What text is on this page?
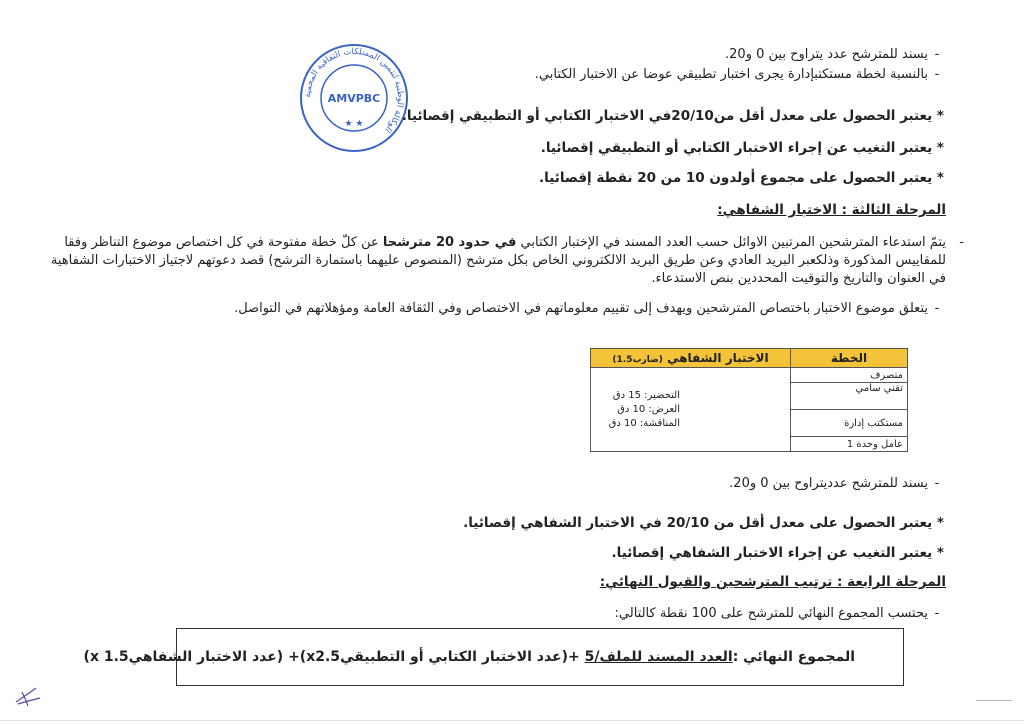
الوكالة الوطنية لتثمين الممتلكات الثقافية المحمية
AMVPBC
★ ★
-يسند للمترشح عدد يتراوح بين 0 و20.
-بالنسبة لخطة مستكتبإدارة يجرى اختبار تطبيقي عوضا عن الاختبار الكتابي.
* يعتبر الحصول على معدل أقل من20/10في الاختبار الكتابي أو التطبيقي إقصائيا.
* يعتبر التغيب عن إجراء الاختبار الكتابي أو التطبيقي إقصائيا.
* يعتبر الحصول على مجموع أولدون 10 من 20 نقطة إقصائيا.
المرحلة الثالثة : الاختبار الشفاهي:
-
يتمّ استدعاء المترشحين المرتبين الاوائل حسب العدد المسند في الإختبار الكتابي في حدود 20 مترشحا عن كلّ خطة مفتوحة في كل اختصاص موضوع التناظر وفقا للمقاييس المذكورة وذلكعبر البريد العادي وعن طريق البريد الالكتروني الخاص بكل مترشح (المنصوص عليهما باستمارة الترشح) قصد دعوتهم لاجتياز الاختبارات الشفاهية في العنوان والتاريخ والتوقيت المحددين بنص الاستدعاء.
-يتعلق موضوع الاختبار باختصاص المترشحين ويهدف إلى تقييم معلوماتهم في الاختصاص وفي الثقافة العامة ومؤهلاتهم في التواصل.
الخطة	الاختبار الشفاهي (ضارب1.5)
متصرف	التحضير: 15 دق
العرض: 10 دق
المناقشة: 10 دق

تقني سامي	
مستكتب إدارة	
عامل وحدة 1	
-يسند للمترشح عدديتراوح بين 0 و20.
* يعتبر الحصول على معدل أقل من 20/10 في الاختبار الشفاهي إقصائيا.
* يعتبر التغيب عن إجراء الاختبار الشفاهي إقصائيا.
المرحلة الرابعة : ترتيب المترشحين والقبول النهائي:
-يحتسب المجموع النهائي للمترشح على 100 نقطة كالتالي:
المجموع النهائي :العدد المسند للملف/5 +(عدد الاختبار الكتابي أو التطبيقيx2.5)+ (عدد الاختبار الشفاهيx 1.5)
